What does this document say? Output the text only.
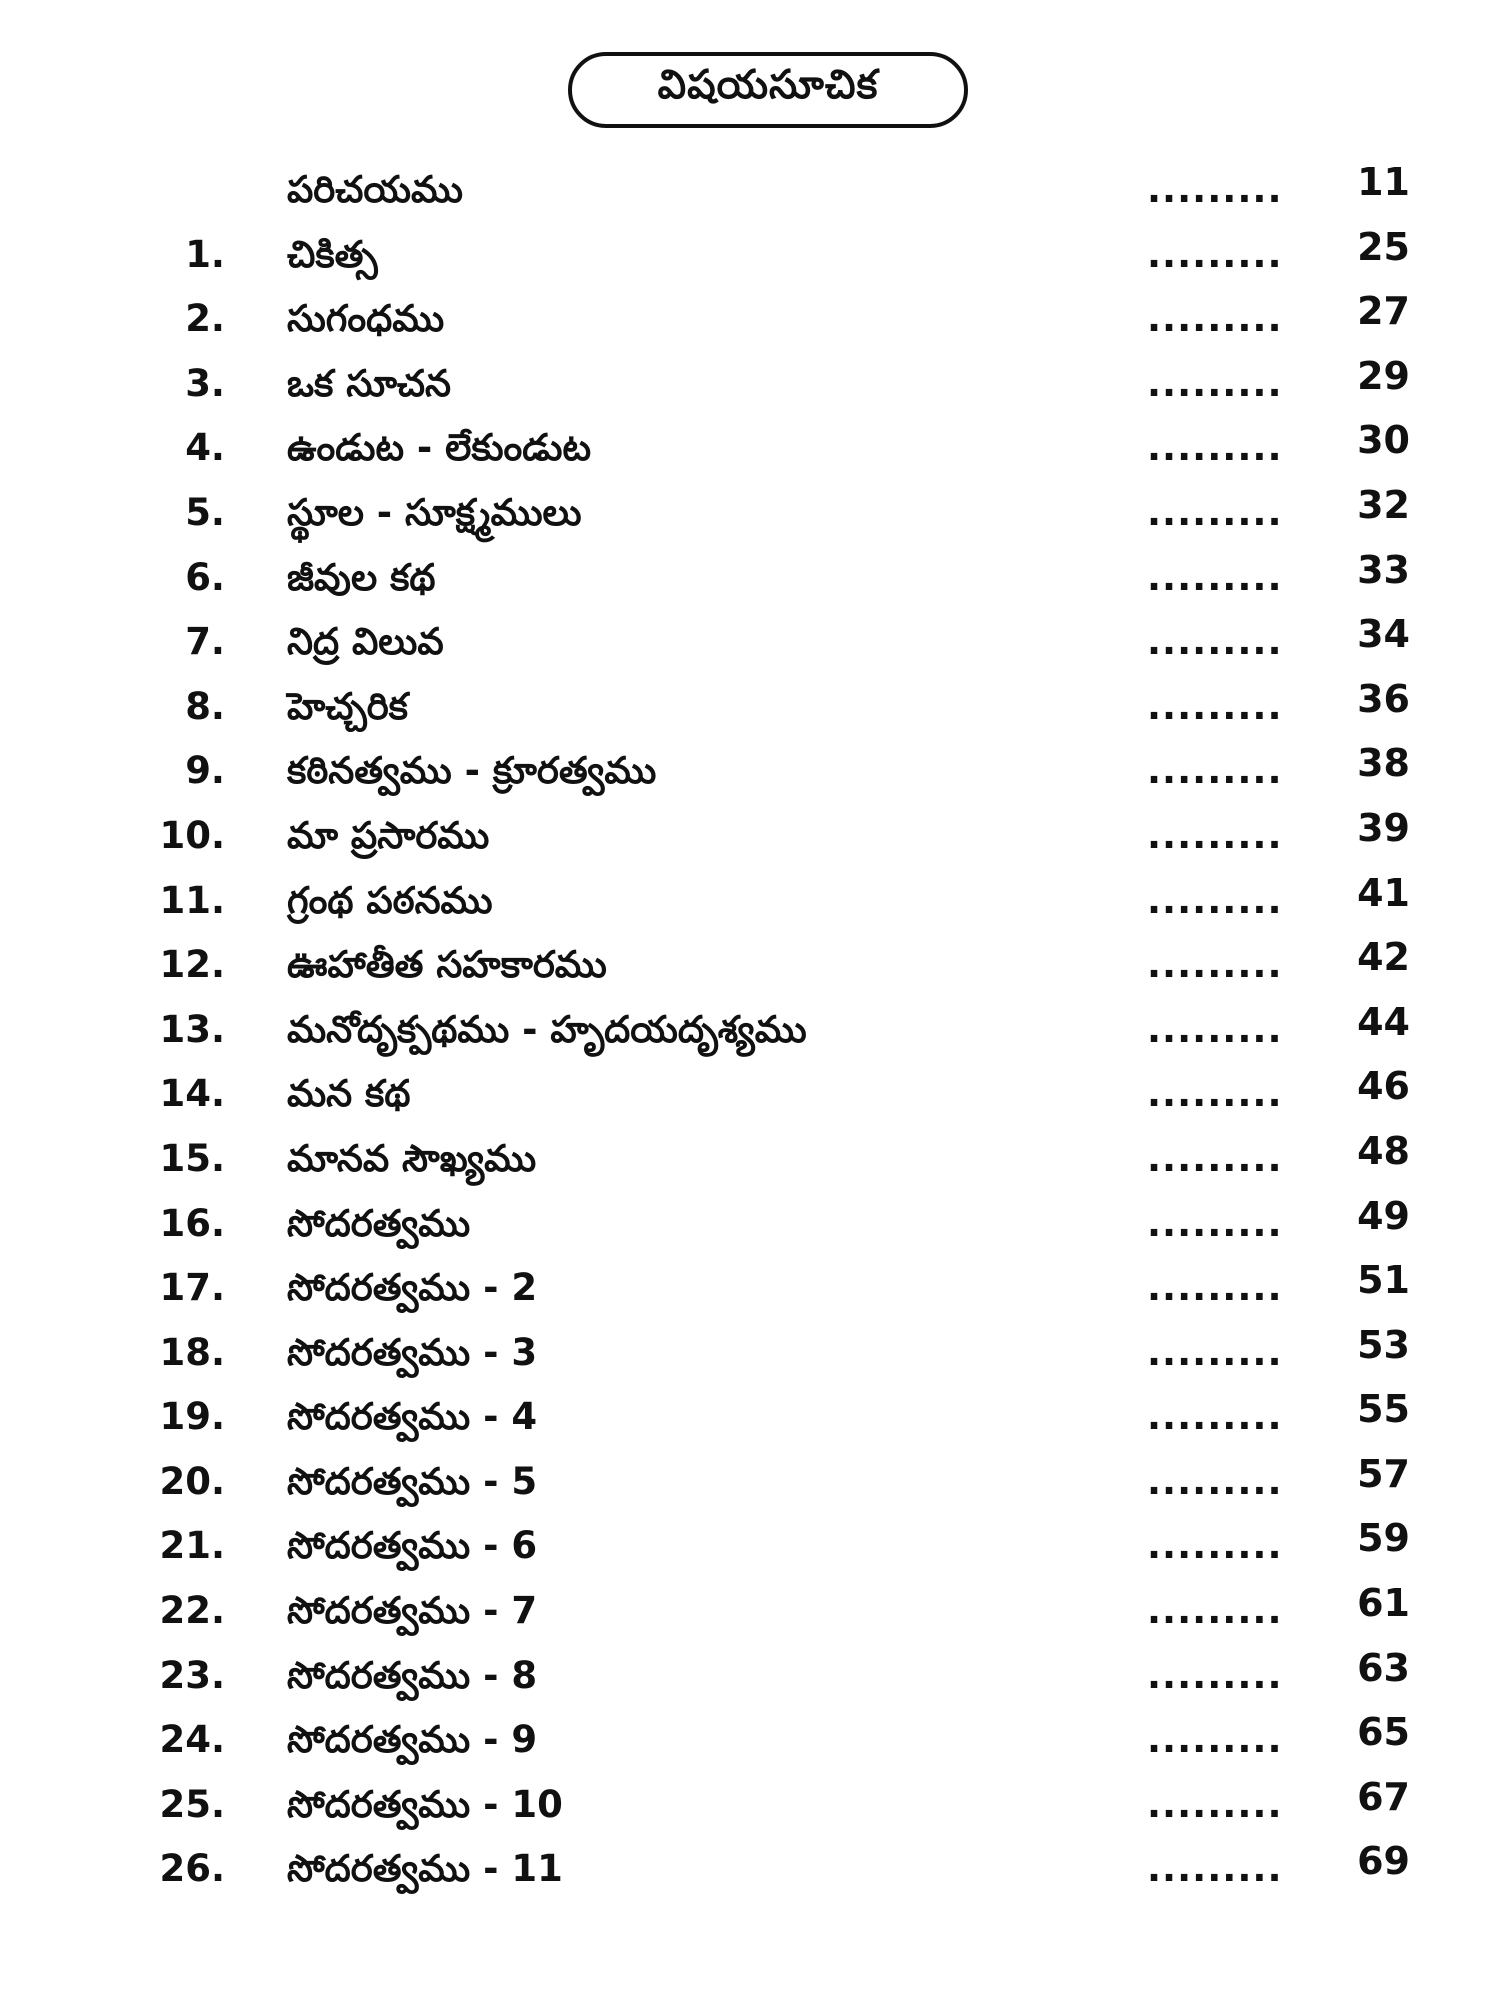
విషయసూచిక
పరిచయము	......... 11
1. చికిత్స	......... 25
2. సుగంధము	......... 27
3. ఒక సూచన	......... 29
4. ఉండుట - లేకుండుట	......... 30
5. స్థూల - సూక్ష్మములు	......... 32
6. జీవుల కథ	......... 33
7. నిద్ర విలువ	......... 34
8. హెచ్చరిక	......... 36
9. కఠినత్వము - క్రూరత్వము	......... 38
10. మా ప్రసారము	......... 39
11. గ్రంథ పఠనము	......... 41
12. ఊహాతీత సహకారము	......... 42
13. మనోదృక్పథము - హృదయదృశ్యము	......... 44
14. మన కథ	......... 46
15. మానవ సౌఖ్యము	......... 48
16. సోదరత్వము	......... 49
17. సోదరత్వము - 2	......... 51
18. సోదరత్వము - 3	......... 53
19. సోదరత్వము - 4	......... 55
20. సోదరత్వము - 5	......... 57
21. సోదరత్వము - 6	......... 59
22. సోదరత్వము - 7	......... 61
23. సోదరత్వము - 8	......... 63
24. సోదరత్వము - 9	......... 65
25. సోదరత్వము - 10	......... 67
26. సోదరత్వము - 11	......... 69
